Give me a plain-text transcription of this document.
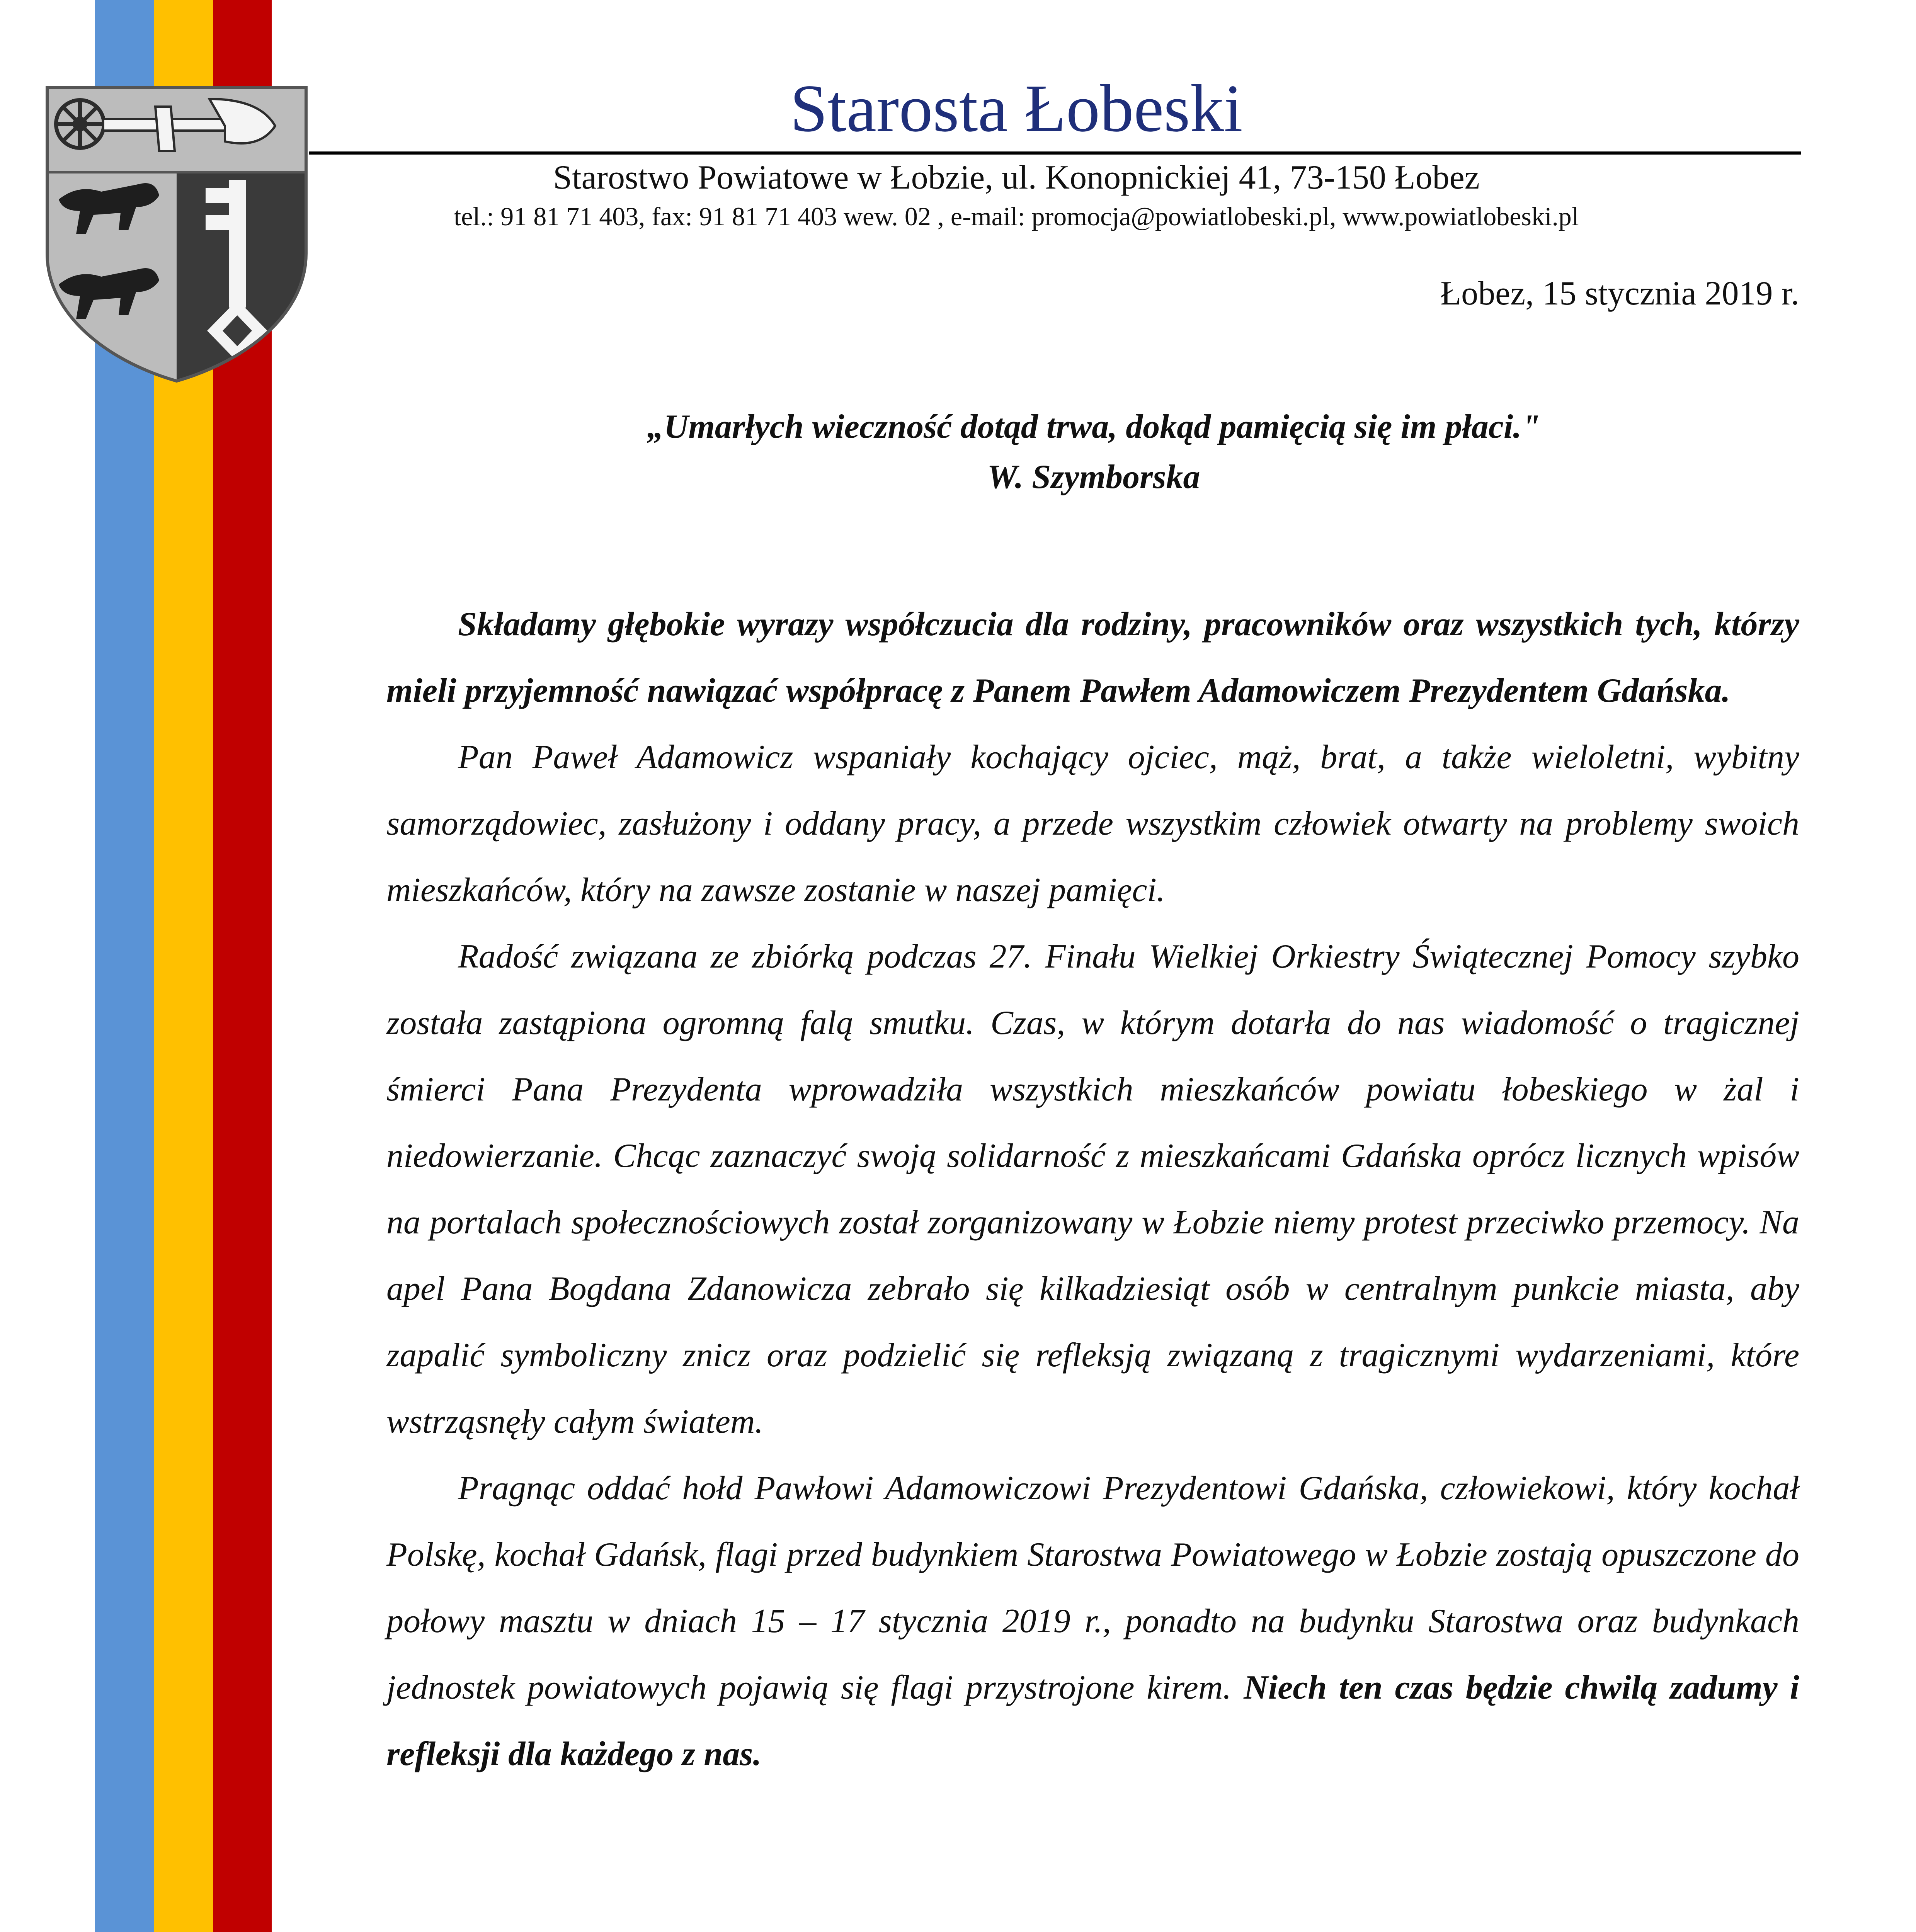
Starosta Łobeski
Starostwo Powiatowe w Łobzie, ul. Konopnickiej 41, 73-150 Łobez
tel.: 91 81 71 403, fax: 91 81 71 403 wew. 02 , e-mail: promocja@powiatlobeski.pl, www.powiatlobeski.pl
Łobez, 15 stycznia 2019 r.
„Umarłych wieczność dotąd trwa, dokąd pamięcią się im płaci."
W. Szymborska

Składamy głębokie wyrazy współczucia dla rodziny, pracowników oraz wszystkich tych, którzy mieli przyjemność nawiązać współpracę z Panem Pawłem Adamowiczem Prezydentem Gdańska.

Pan Paweł Adamowicz wspaniały kochający ojciec, mąż, brat, a także wieloletni, wybitny samorządowiec, zasłużony i oddany pracy, a przede wszystkim człowiek otwarty na problemy swoich mieszkańców, który na zawsze zostanie w naszej pamięci.

Radość związana ze zbiórką podczas 27. Finału Wielkiej Orkiestry Świątecznej Pomocy szybko została zastąpiona ogromną falą smutku. Czas, w którym dotarła do nas wiadomość o tragicznej śmierci Pana Prezydenta wprowadziła wszystkich mieszkańców powiatu łobeskiego w żal i niedowierzanie. Chcąc zaznaczyć swoją solidarność z mieszkańcami Gdańska oprócz licznych wpisów na portalach społecznościowych został zorganizowany w Łobzie niemy protest przeciwko przemocy. Na apel Pana Bogdana Zdanowicza zebrało się kilkadziesiąt osób w centralnym punkcie miasta, aby zapalić symboliczny znicz oraz podzielić się refleksją związaną z tragicznymi wydarzeniami, które wstrząsnęły całym światem.

Pragnąc oddać hołd Pawłowi Adamowiczowi Prezydentowi Gdańska, człowiekowi, który kochał Polskę, kochał Gdańsk, flagi przed budynkiem Starostwa Powiatowego w Łobzie zostają opuszczone do połowy masztu w dniach 15 – 17 stycznia 2019 r., ponadto na budynku Starostwa oraz budynkach jednostek powiatowych pojawią się flagi przystrojone kirem. Niech ten czas będzie chwilą zadumy i refleksji dla każdego z nas.
